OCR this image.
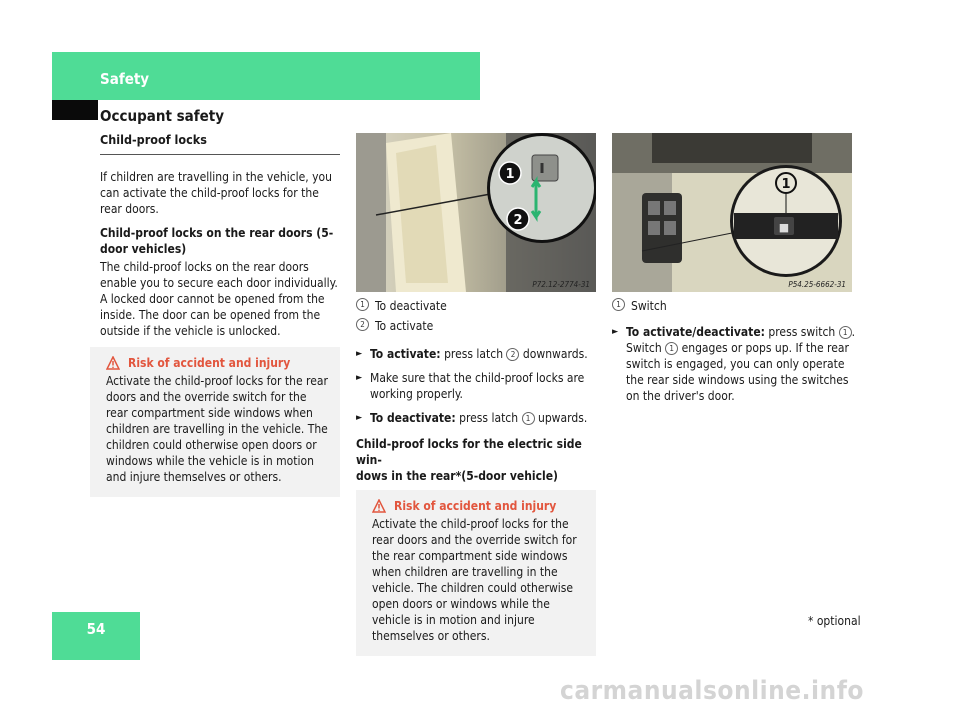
Safety
Occupant safety
Child-proof locks

If children are travelling in the vehicle, you can activate the child-proof locks for the rear doors.

Child-proof locks on the rear doors (5-door vehicles)

The child-proof locks on the rear doors enable you to secure each door individually. A locked door cannot be opened from the inside. The door can be opened from the outside if the vehicle is unlocked.

Risk of accident and injury
Activate the child-proof locks for the rear doors and the override switch for the rear compartment side windows when children are travelling in the vehicle. The children could otherwise open doors or windows while the vehicle is in motion and injure themselves or others.
1
2
P72.12-2774-31
1 To deactivate
2 To activate
► To activate: press latch 2 downwards.
► Make sure that the child-proof locks are working properly.
► To deactivate: press latch 1 upwards.

Child-proof locks for the electric side win-
dows in the rear*(5-door vehicle)

Risk of accident and injury
Activate the child-proof locks for the rear doors and the override switch for the rear compartment side windows when children are travelling in the vehicle. The children could otherwise open doors or windows while the vehicle is in motion and injure themselves or others.
■
1
P54.25-6662-31
1 Switch
► To activate/deactivate: press switch 1 . Switch 1 engages or pops up. If the rear switch is engaged, you can only operate the rear side windows using the switches on the driver's door.
54	* optional
carmanualsonline.info
